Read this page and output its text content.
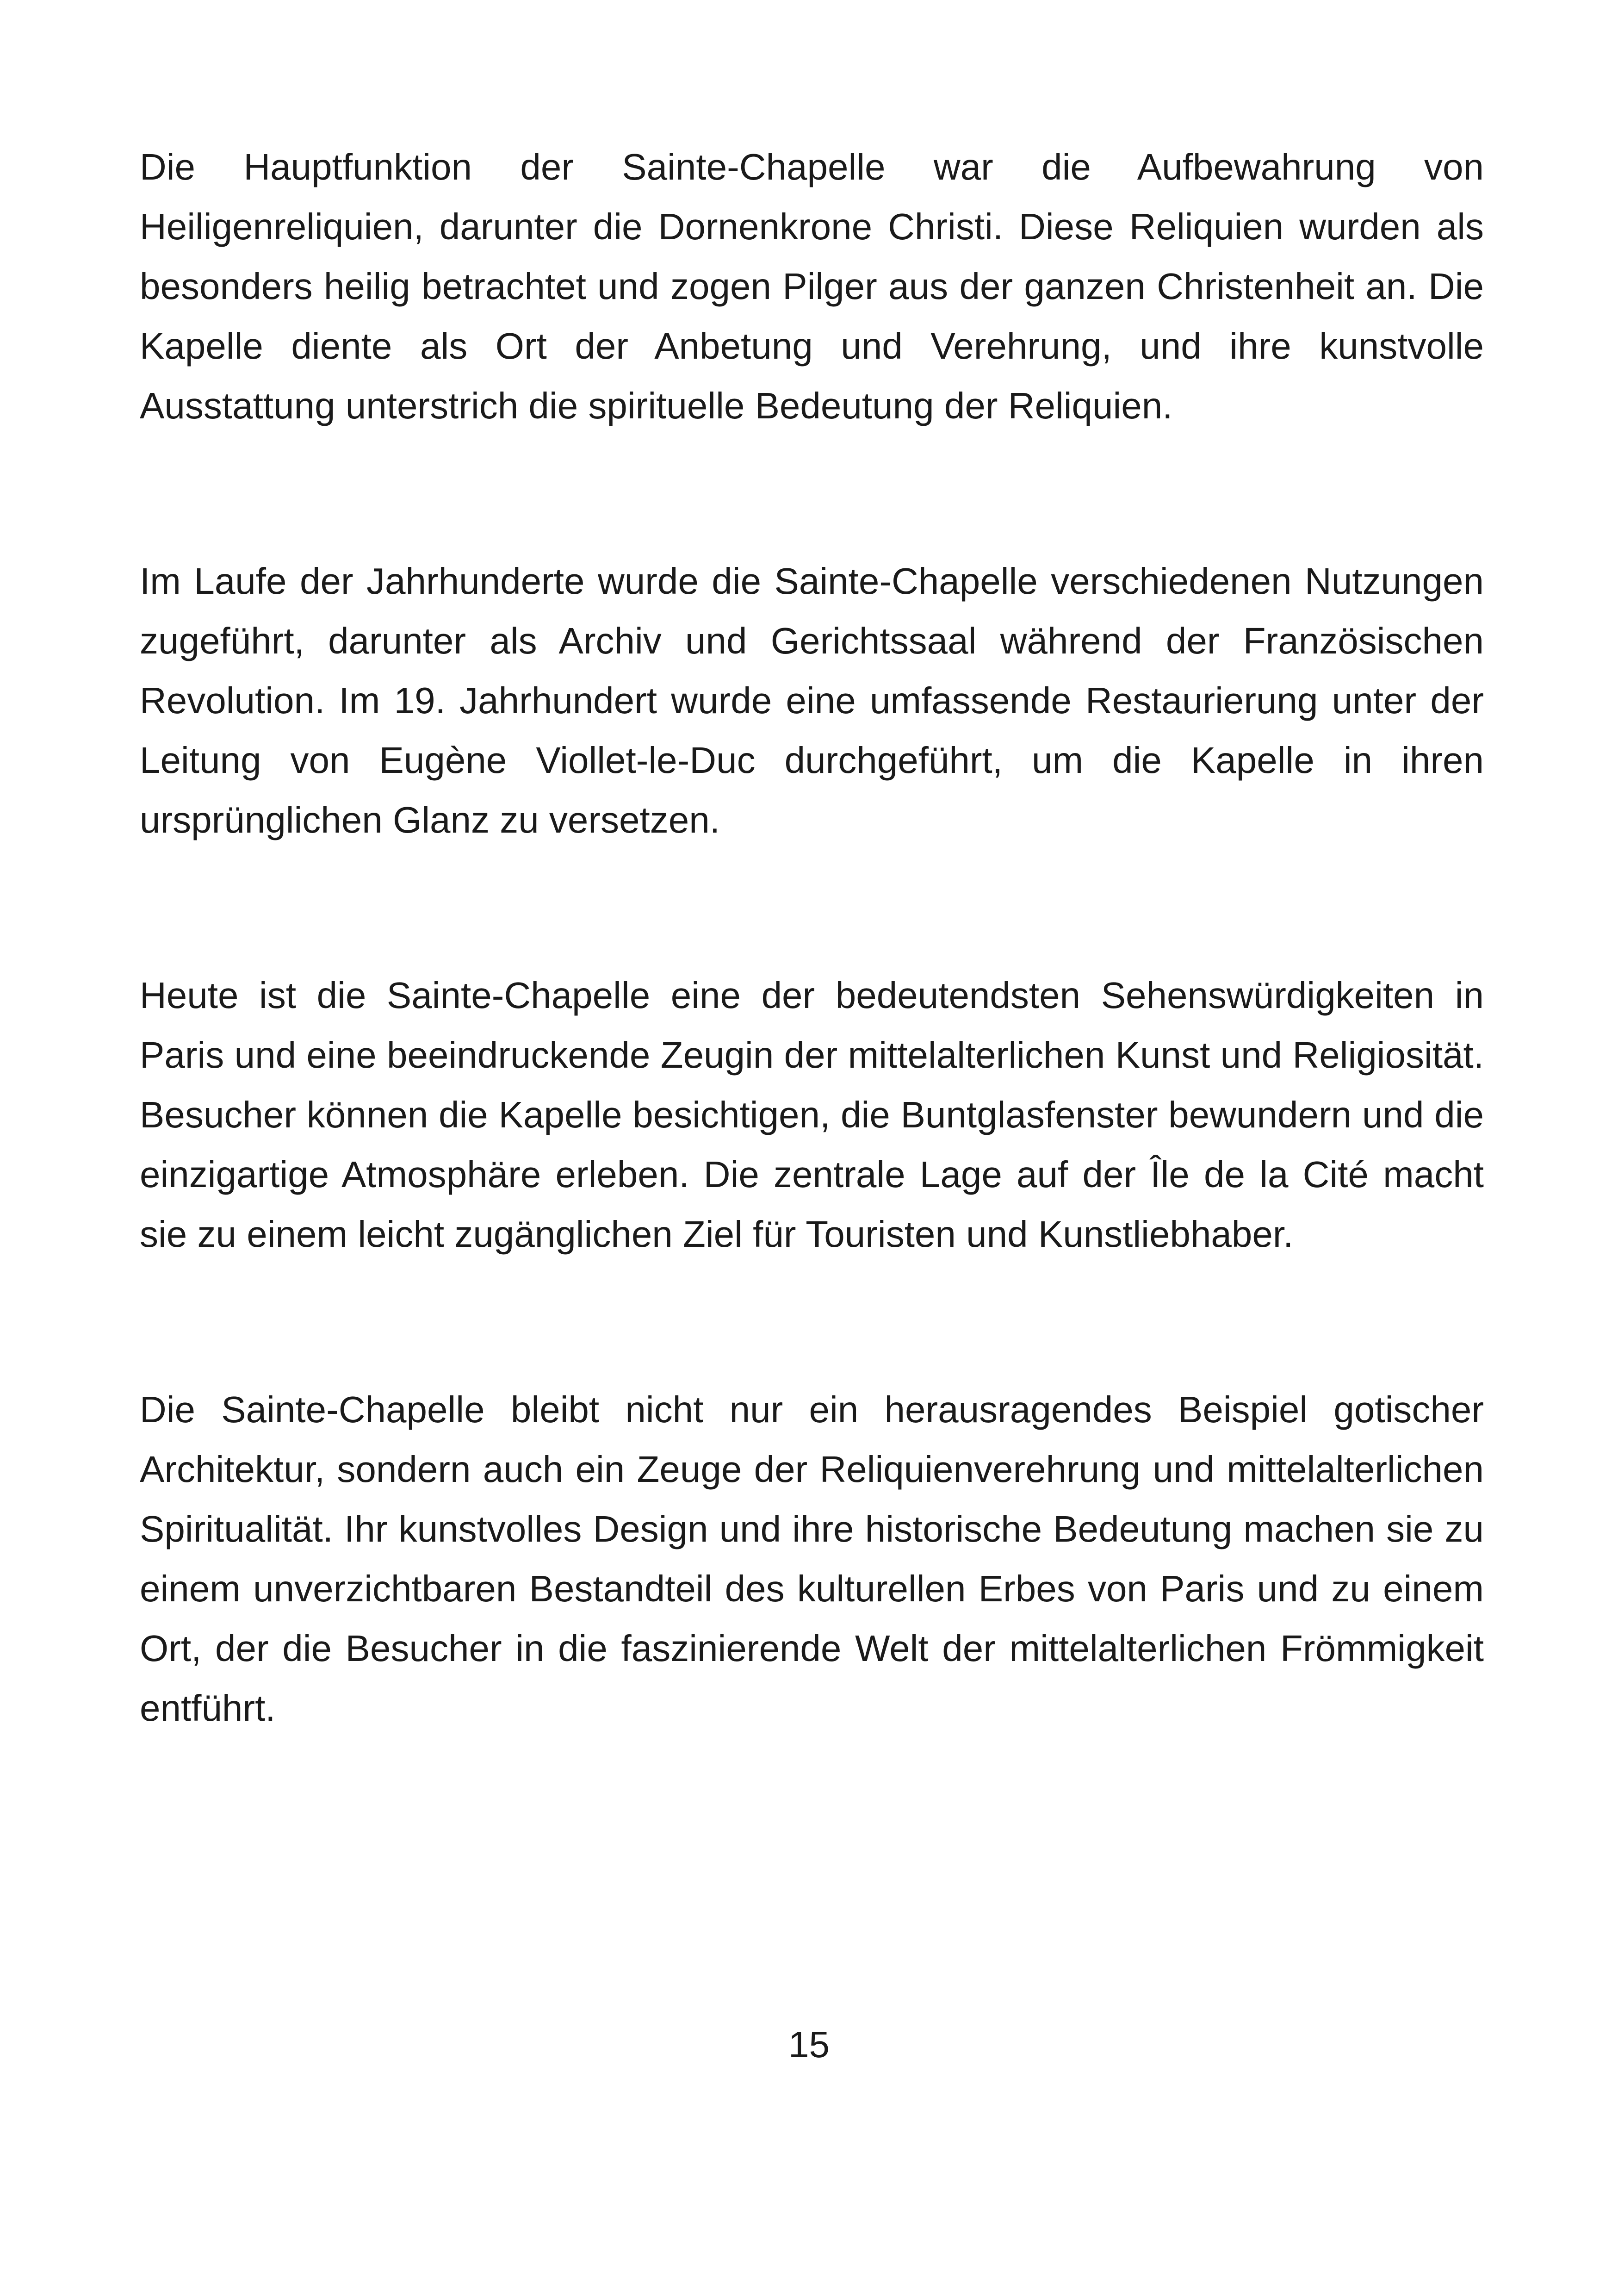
Die Hauptfunktion der Sainte-Chapelle war die Aufbewahrung von Heiligenreliquien, darunter die Dornenkrone Christi. Diese Reliquien wurden als besonders heilig betrachtet und zogen Pilger aus der ganzen Christenheit an. Die Kapelle diente als Ort der Anbetung und Verehrung, und ihre kunstvolle Ausstattung unterstrich die spirituelle Bedeutung der Reliquien.

Im Laufe der Jahrhunderte wurde die Sainte-Chapelle verschiedenen Nutzungen zugeführt, darunter als Archiv und Gerichtssaal während der Französischen Revolution. Im 19. Jahrhundert wurde eine umfassende Restaurierung unter der Leitung von Eugène Viollet-le-Duc durchgeführt, um die Kapelle in ihren ursprünglichen Glanz zu versetzen.

Heute ist die Sainte-Chapelle eine der bedeutendsten Sehenswürdigkeiten in Paris und eine beeindruckende Zeugin der mittelalterlichen Kunst und Religiosität. Besucher können die Kapelle besichtigen, die Buntglasfenster bewundern und die einzigartige Atmosphäre erleben. Die zentrale Lage auf der Île de la Cité macht sie zu einem leicht zugänglichen Ziel für Touristen und Kunstliebhaber.

Die Sainte-Chapelle bleibt nicht nur ein herausragendes Beispiel gotischer Architektur, sondern auch ein Zeuge der Reliquienverehrung und mittelalterlichen Spiritualität. Ihr kunstvolles Design und ihre historische Bedeutung machen sie zu einem unverzichtbaren Bestandteil des kulturellen Erbes von Paris und zu einem Ort, der die Besucher in die faszinierende Welt der mittelalterlichen Frömmigkeit entführt.

15
